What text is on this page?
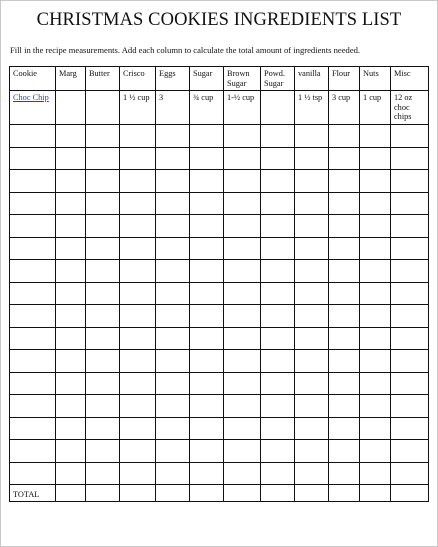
CHRISTMAS COOKIES INGREDIENTS LIST
Fill in the recipe measurements. Add each column to calculate the total amount of ingredients needed.
Cookie	Marg	Butter	Crisco	Eggs	Sugar	Brown Sugar	Powd. Sugar	vanilla	Flour	Nuts	Misc
Choc Chip			1 ½ cup	3	¾ cup	1-½ cup		1 ½ tsp	3 cup	1 cup	12 oz choc chips

TOTAL											
